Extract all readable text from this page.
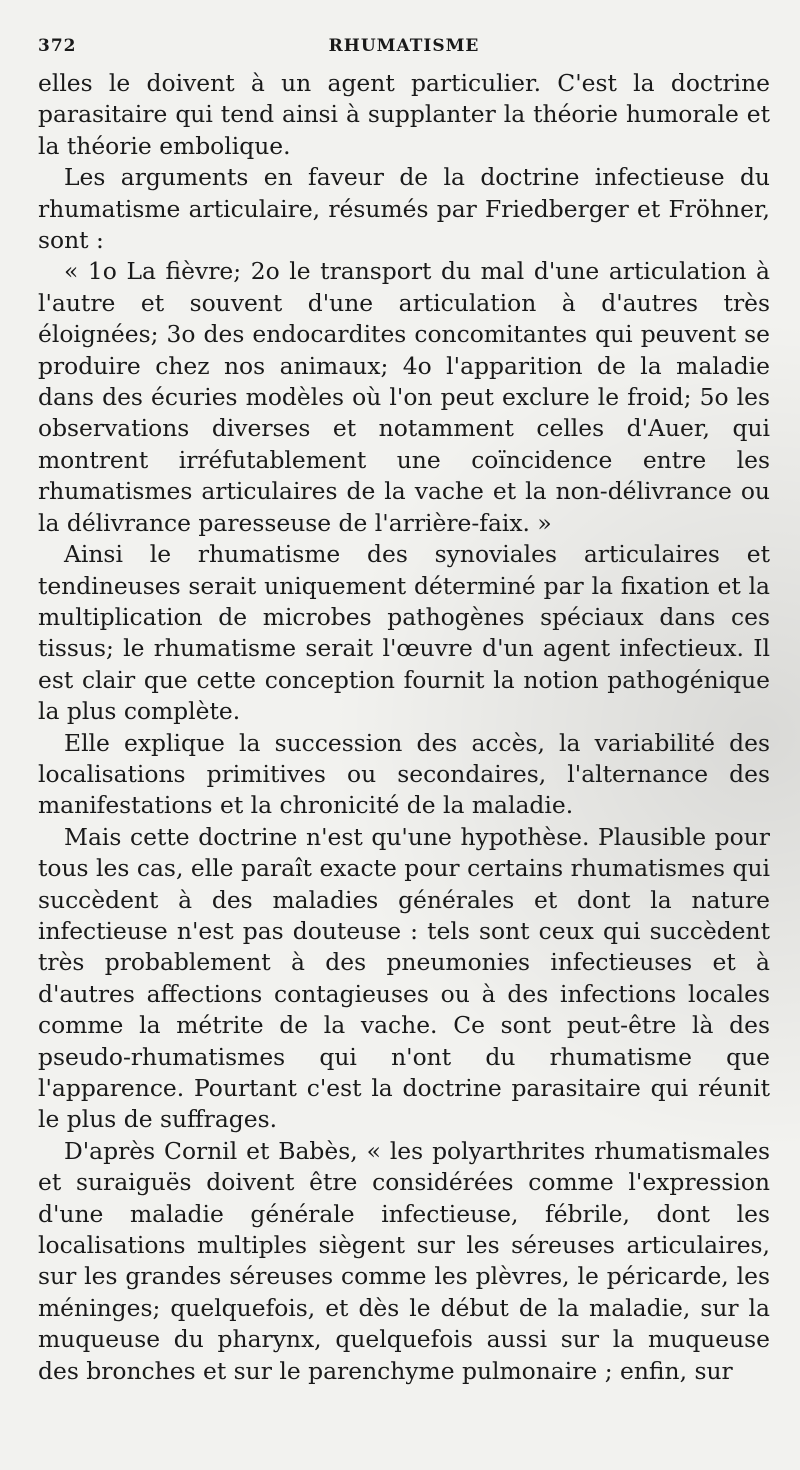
372	RHUMATISME

elles le doivent à un agent particulier. C'est la doctrine parasitaire qui tend ainsi à supplanter la théorie humorale et la théorie embolique.

Les arguments en faveur de la doctrine infectieuse du rhumatisme articulaire, résumés par Friedberger et Fröhner, sont :

« 1o La fièvre; 2o le transport du mal d'une articulation à l'autre et souvent d'une articulation à d'autres très éloignées; 3o des endocardites concomitantes qui peuvent se produire chez nos animaux; 4o l'apparition de la maladie dans des écuries modèles où l'on peut exclure le froid; 5o les observations diverses et notamment celles d'Auer, qui montrent irréfutablement une coïncidence entre les rhumatismes articulaires de la vache et la non-délivrance ou la délivrance paresseuse de l'arrière-faix. »

Ainsi le rhumatisme des synoviales articulaires et tendineuses serait uniquement déterminé par la fixation et la multiplication de microbes pathogènes spéciaux dans ces tissus; le rhumatisme serait l'œuvre d'un agent infectieux. Il est clair que cette conception fournit la notion pathogénique la plus complète.

Elle explique la succession des accès, la variabilité des localisations primitives ou secondaires, l'alternance des manifestations et la chronicité de la maladie.

Mais cette doctrine n'est qu'une hypothèse. Plausible pour tous les cas, elle paraît exacte pour certains rhumatismes qui succèdent à des maladies générales et dont la nature infectieuse n'est pas douteuse : tels sont ceux qui succèdent très probablement à des pneumonies infectieuses et à d'autres affections contagieuses ou à des infections locales comme la métrite de la vache. Ce sont peut-être là des pseudo-rhumatismes qui n'ont du rhumatisme que l'apparence. Pourtant c'est la doctrine parasitaire qui réunit le plus de suffrages.

D'après Cornil et Babès, « les polyarthrites rhumatismales et suraiguës doivent être considérées comme l'expression d'une maladie générale infectieuse, fébrile, dont les localisations multiples siègent sur les séreuses articulaires, sur les grandes séreuses comme les plèvres, le péricarde, les méninges; quelquefois, et dès le début de la maladie, sur la muqueuse du pharynx, quelquefois aussi sur la muqueuse des bronches et sur le parenchyme pulmonaire ; enfin, sur
